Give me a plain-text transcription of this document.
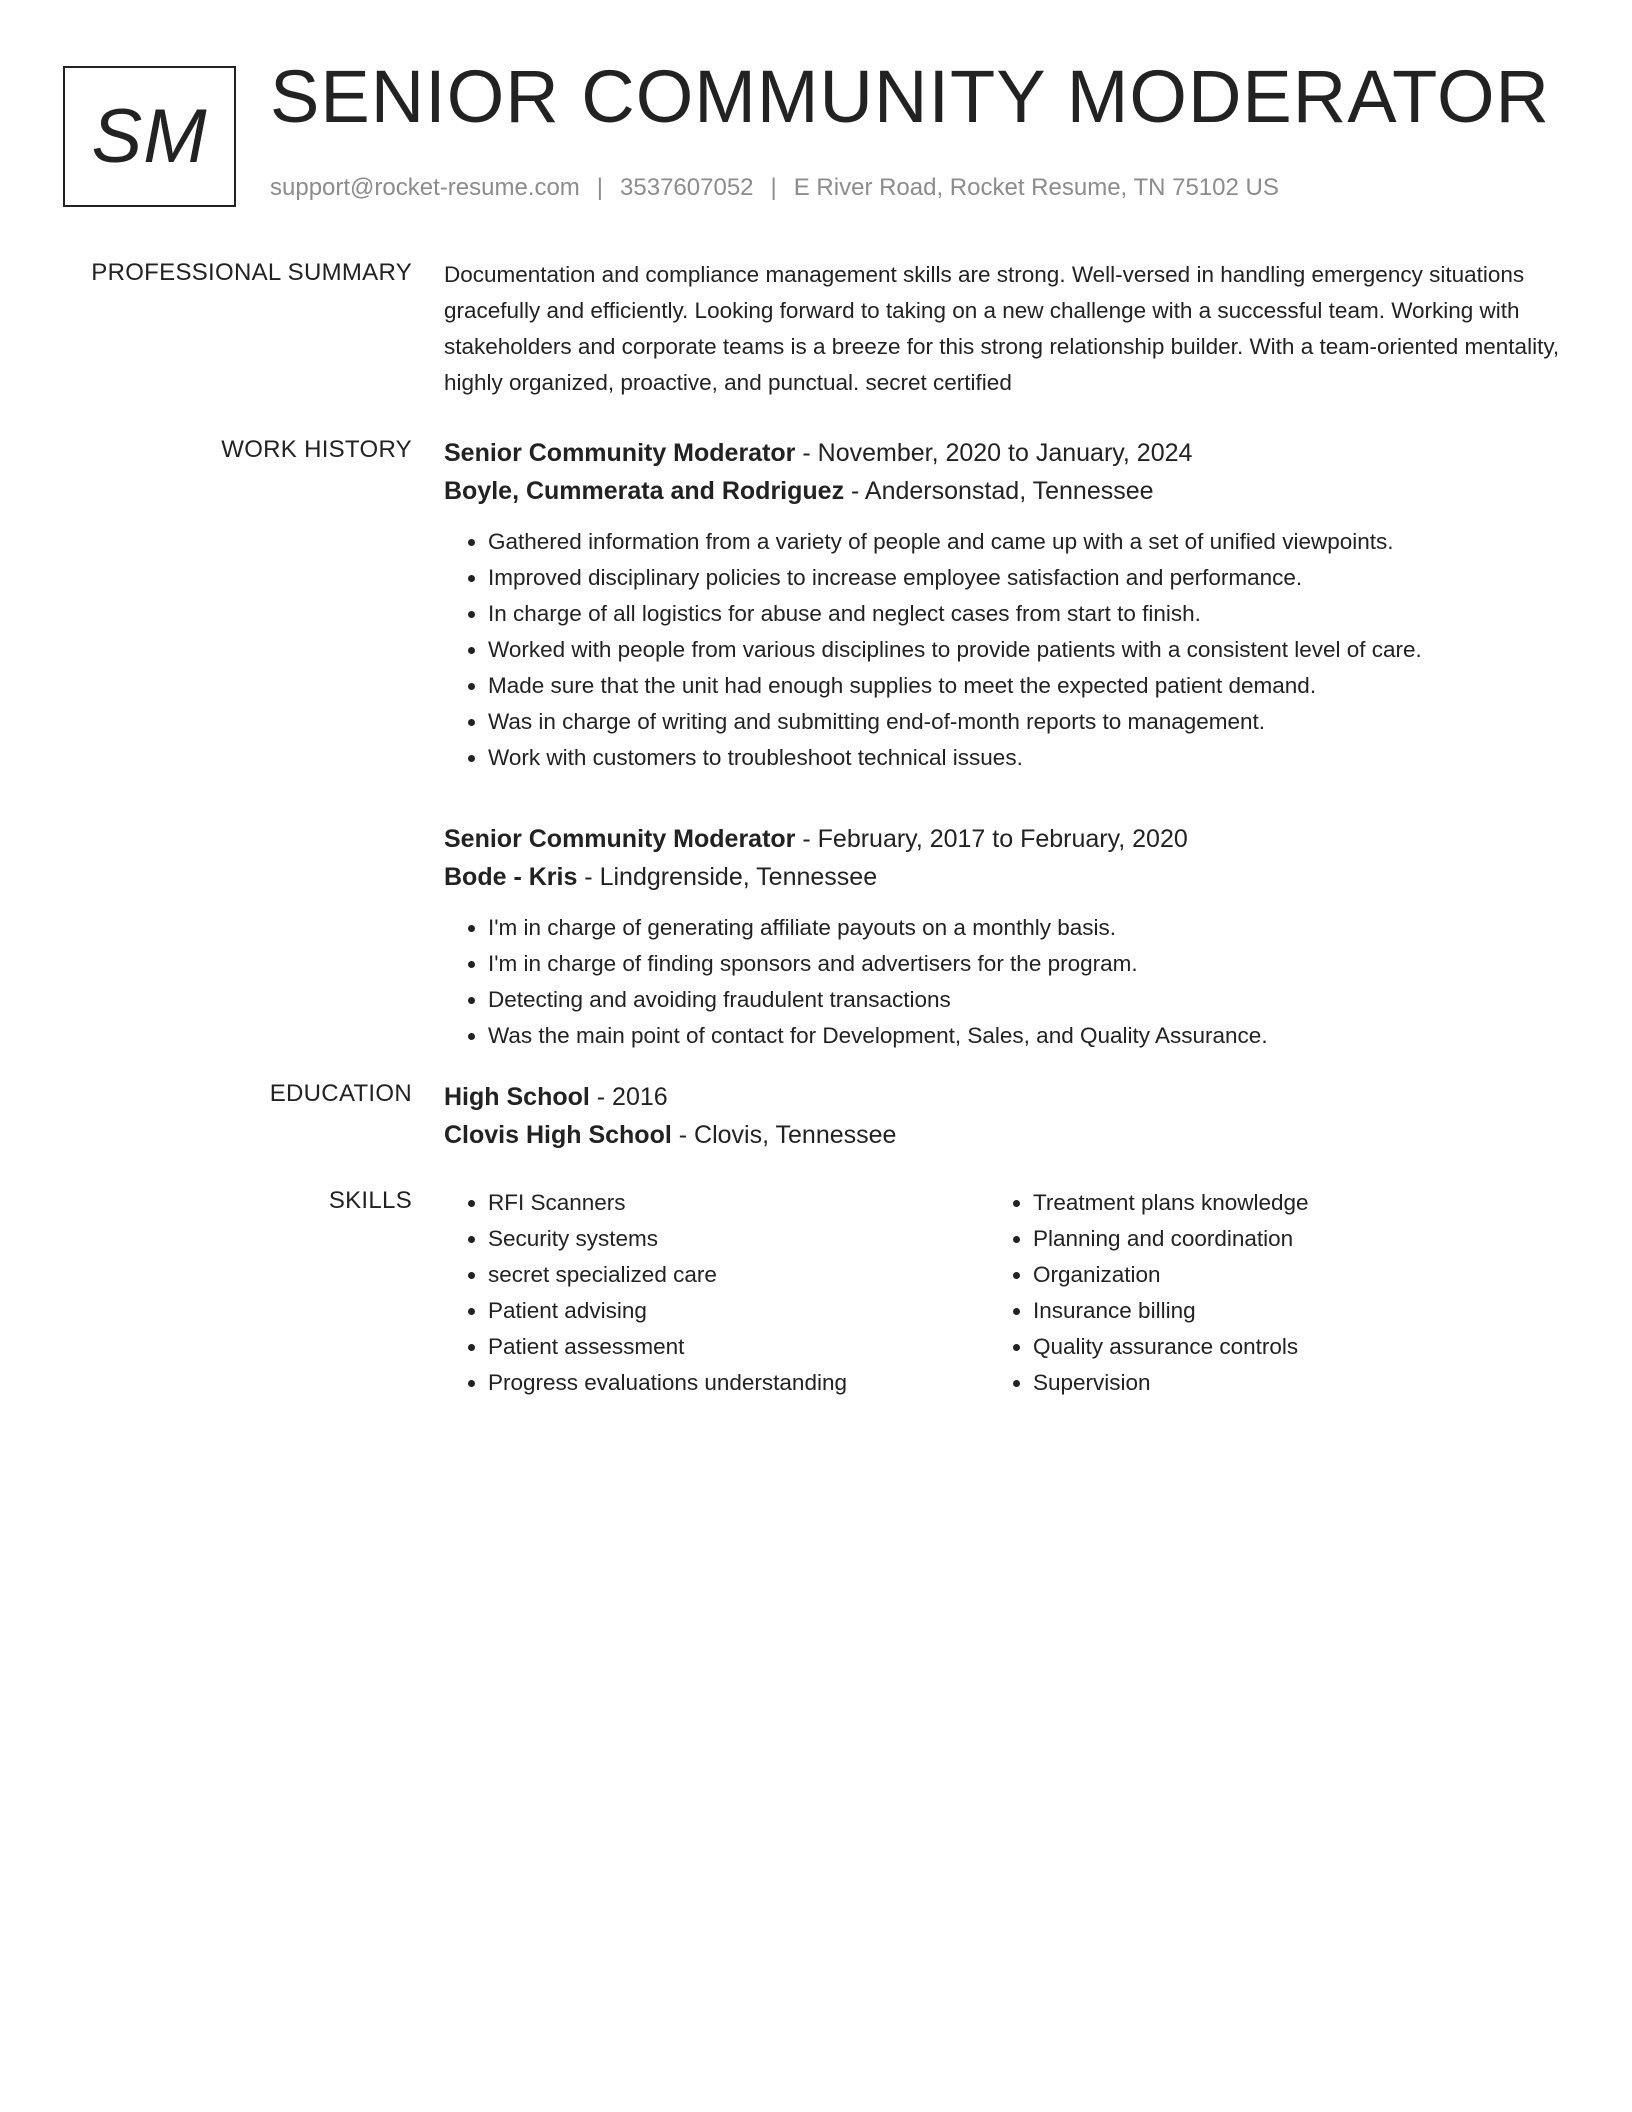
SM SENIOR COMMUNITY MODERATOR
support@rocket-resume.com | 3537607052 | E River Road, Rocket Resume, TN 75102 US
PROFESSIONAL SUMMARY Documentation and compliance management skills are strong. Well-versed in handling emergency situations gracefully and efficiently. Looking forward to taking on a new challenge with a successful team. Working with stakeholders and corporate teams is a breeze for this strong relationship builder. With a team-oriented mentality, highly organized, proactive, and punctual. secret certified

WORK HISTORY Senior Community Moderator - November, 2020 to January, 2024
Boyle, Cummerata and Rodriguez - Andersonstad, Tennessee
• Gathered information from a variety of people and came up with a set of unified viewpoints.
• Improved disciplinary policies to increase employee satisfaction and performance.
• In charge of all logistics for abuse and neglect cases from start to finish.
• Worked with people from various disciplines to provide patients with a consistent level of care.
• Made sure that the unit had enough supplies to meet the expected patient demand.
• Was in charge of writing and submitting end-of-month reports to management.
• Work with customers to troubleshoot technical issues.
Senior Community Moderator - February, 2017 to February, 2020
Bode - Kris - Lindgrenside, Tennessee
• I'm in charge of generating affiliate payouts on a monthly basis.
• I'm in charge of finding sponsors and advertisers for the program.
• Detecting and avoiding fraudulent transactions
• Was the main point of contact for Development, Sales, and Quality Assurance.
EDUCATION High School - 2016
Clovis High School - Clovis, Tennessee
SKILLS
•	RFI Scanners
• Security systems
• secret specialized care
• Patient advising
• Patient assessment
• Progress evaluations understanding
• Treatment plans knowledge
• Planning and coordination
• Organization
• Insurance billing
• Quality assurance controls
• Supervision
